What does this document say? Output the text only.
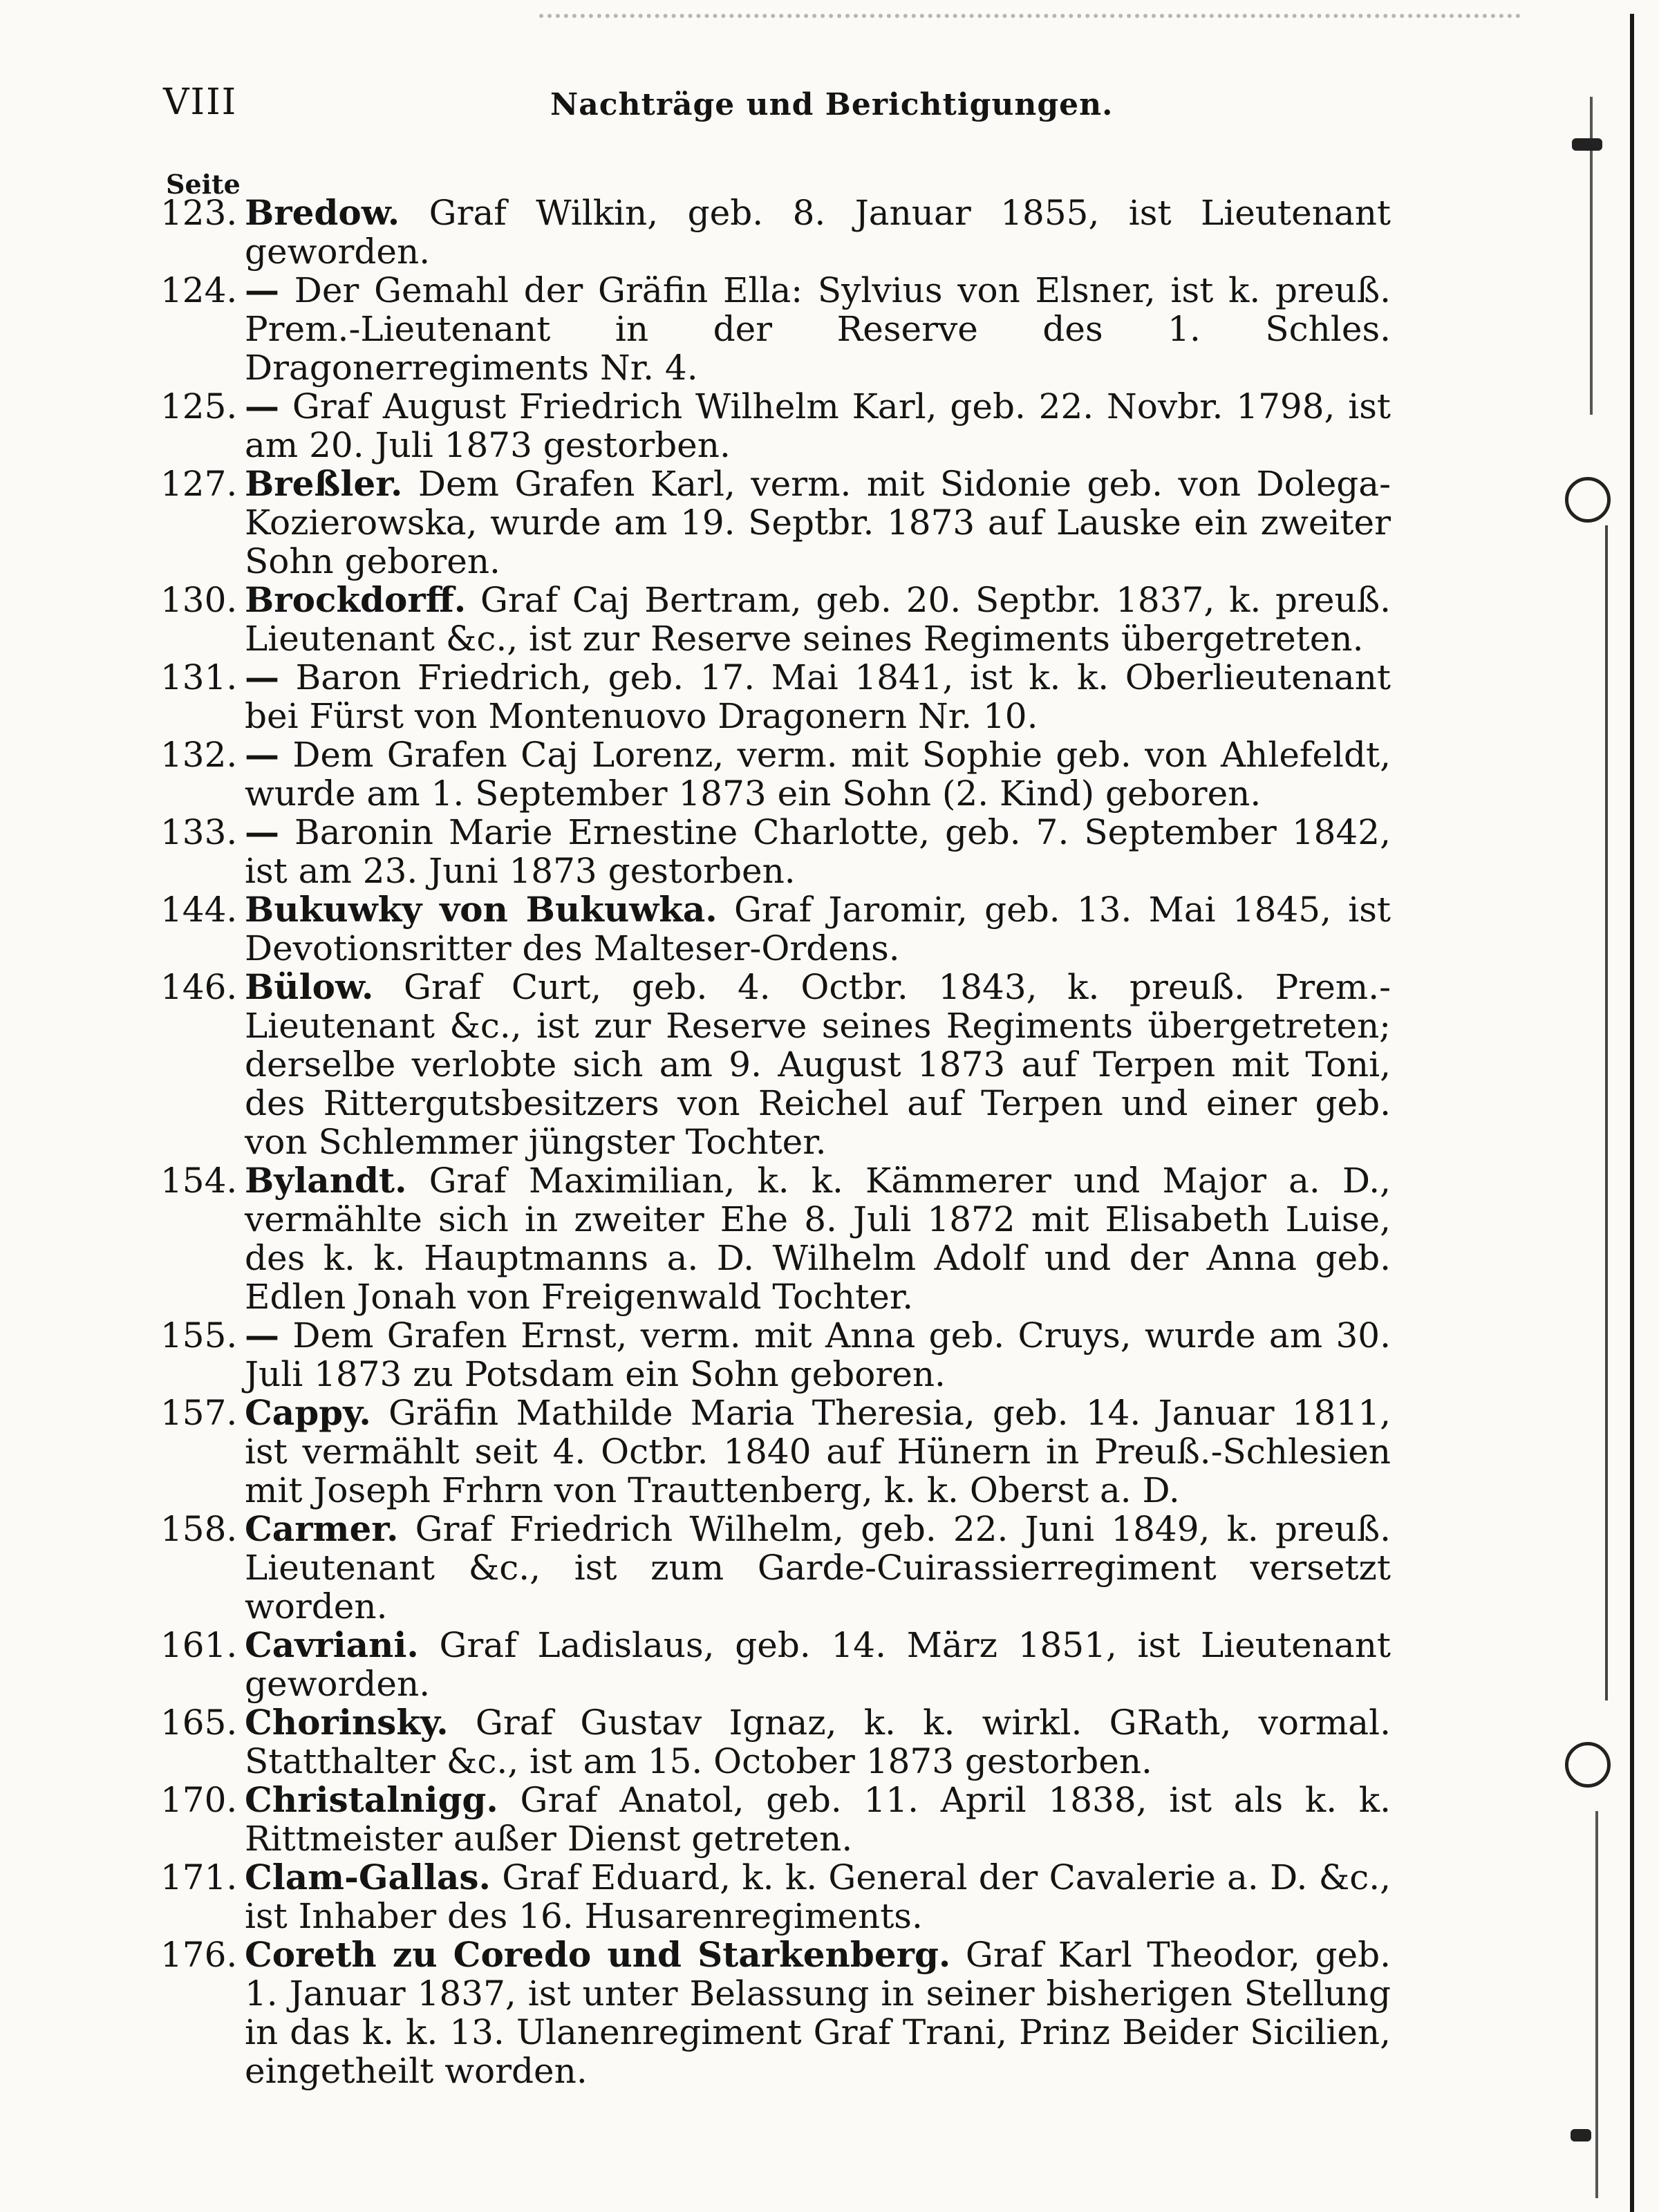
VIII	Nachträge und Berichtigungen.
Seite
123. Bredow. Graf Wilkin, geb. 8. Januar 1855, ist Lieutenant geworden.
124. — Der Gemahl der Gräfin Ella: Sylvius von Elsner, ist k. preuß. Prem.-Lieutenant in der Reserve des 1. Schles. Dragonerregiments Nr. 4.
125. — Graf August Friedrich Wilhelm Karl, geb. 22. Novbr. 1798, ist am 20. Juli 1873 gestorben.
127. Breßler. Dem Grafen Karl, verm. mit Sidonie geb. von Dolega-Kozierowska, wurde am 19. Septbr. 1873 auf Lauske ein zweiter Sohn geboren.
130. Brockdorff. Graf Caj Bertram, geb. 20. Septbr. 1837, k. preuß. Lieutenant &c., ist zur Reserve seines Regiments übergetreten.
131. — Baron Friedrich, geb. 17. Mai 1841, ist k. k. Oberlieutenant bei Fürst von Montenuovo Dragonern Nr. 10.
132. — Dem Grafen Caj Lorenz, verm. mit Sophie geb. von Ahlefeldt, wurde am 1. September 1873 ein Sohn (2. Kind) geboren.
133. — Baronin Marie Ernestine Charlotte, geb. 7. September 1842, ist am 23. Juni 1873 gestorben.
144. Bukuwky von Bukuwka. Graf Jaromir, geb. 13. Mai 1845, ist Devotionsritter des Malteser-Ordens.
146. Bülow. Graf Curt, geb. 4. Octbr. 1843, k. preuß. Prem.-Lieutenant &c., ist zur Reserve seines Regiments übergetreten; derselbe verlobte sich am 9. August 1873 auf Terpen mit Toni, des Rittergutsbesitzers von Reichel auf Terpen und einer geb. von Schlemmer jüngster Tochter.
154. Bylandt. Graf Maximilian, k. k. Kämmerer und Major a. D., vermählte sich in zweiter Ehe 8. Juli 1872 mit Elisabeth Luise, des k. k. Hauptmanns a. D. Wilhelm Adolf und der Anna geb. Edlen Jonah von Freigenwald Tochter.
155. — Dem Grafen Ernst, verm. mit Anna geb. Cruys, wurde am 30. Juli 1873 zu Potsdam ein Sohn geboren.
157. Cappy. Gräfin Mathilde Maria Theresia, geb. 14. Januar 1811, ist vermählt seit 4. Octbr. 1840 auf Hünern in Preuß.-Schlesien mit Joseph Frhrn von Trauttenberg, k. k. Oberst a. D.
158. Carmer. Graf Friedrich Wilhelm, geb. 22. Juni 1849, k. preuß. Lieutenant &c., ist zum Garde-Cuirassierregiment versetzt worden.
161. Cavriani. Graf Ladislaus, geb. 14. März 1851, ist Lieutenant geworden.
165. Chorinsky. Graf Gustav Ignaz, k. k. wirkl. GRath, vormal. Statthalter &c., ist am 15. October 1873 gestorben.
170. Christalnigg. Graf Anatol, geb. 11. April 1838, ist als k. k. Rittmeister außer Dienst getreten.
171. Clam-Gallas. Graf Eduard, k. k. General der Cavalerie a. D. &c., ist Inhaber des 16. Husarenregiments.
176. Coreth zu Coredo und Starkenberg. Graf Karl Theodor, geb. 1. Januar 1837, ist unter Belassung in seiner bisherigen Stellung in das k. k. 13. Ulanenregiment Graf Trani, Prinz Beider Sicilien, eingetheilt worden.
